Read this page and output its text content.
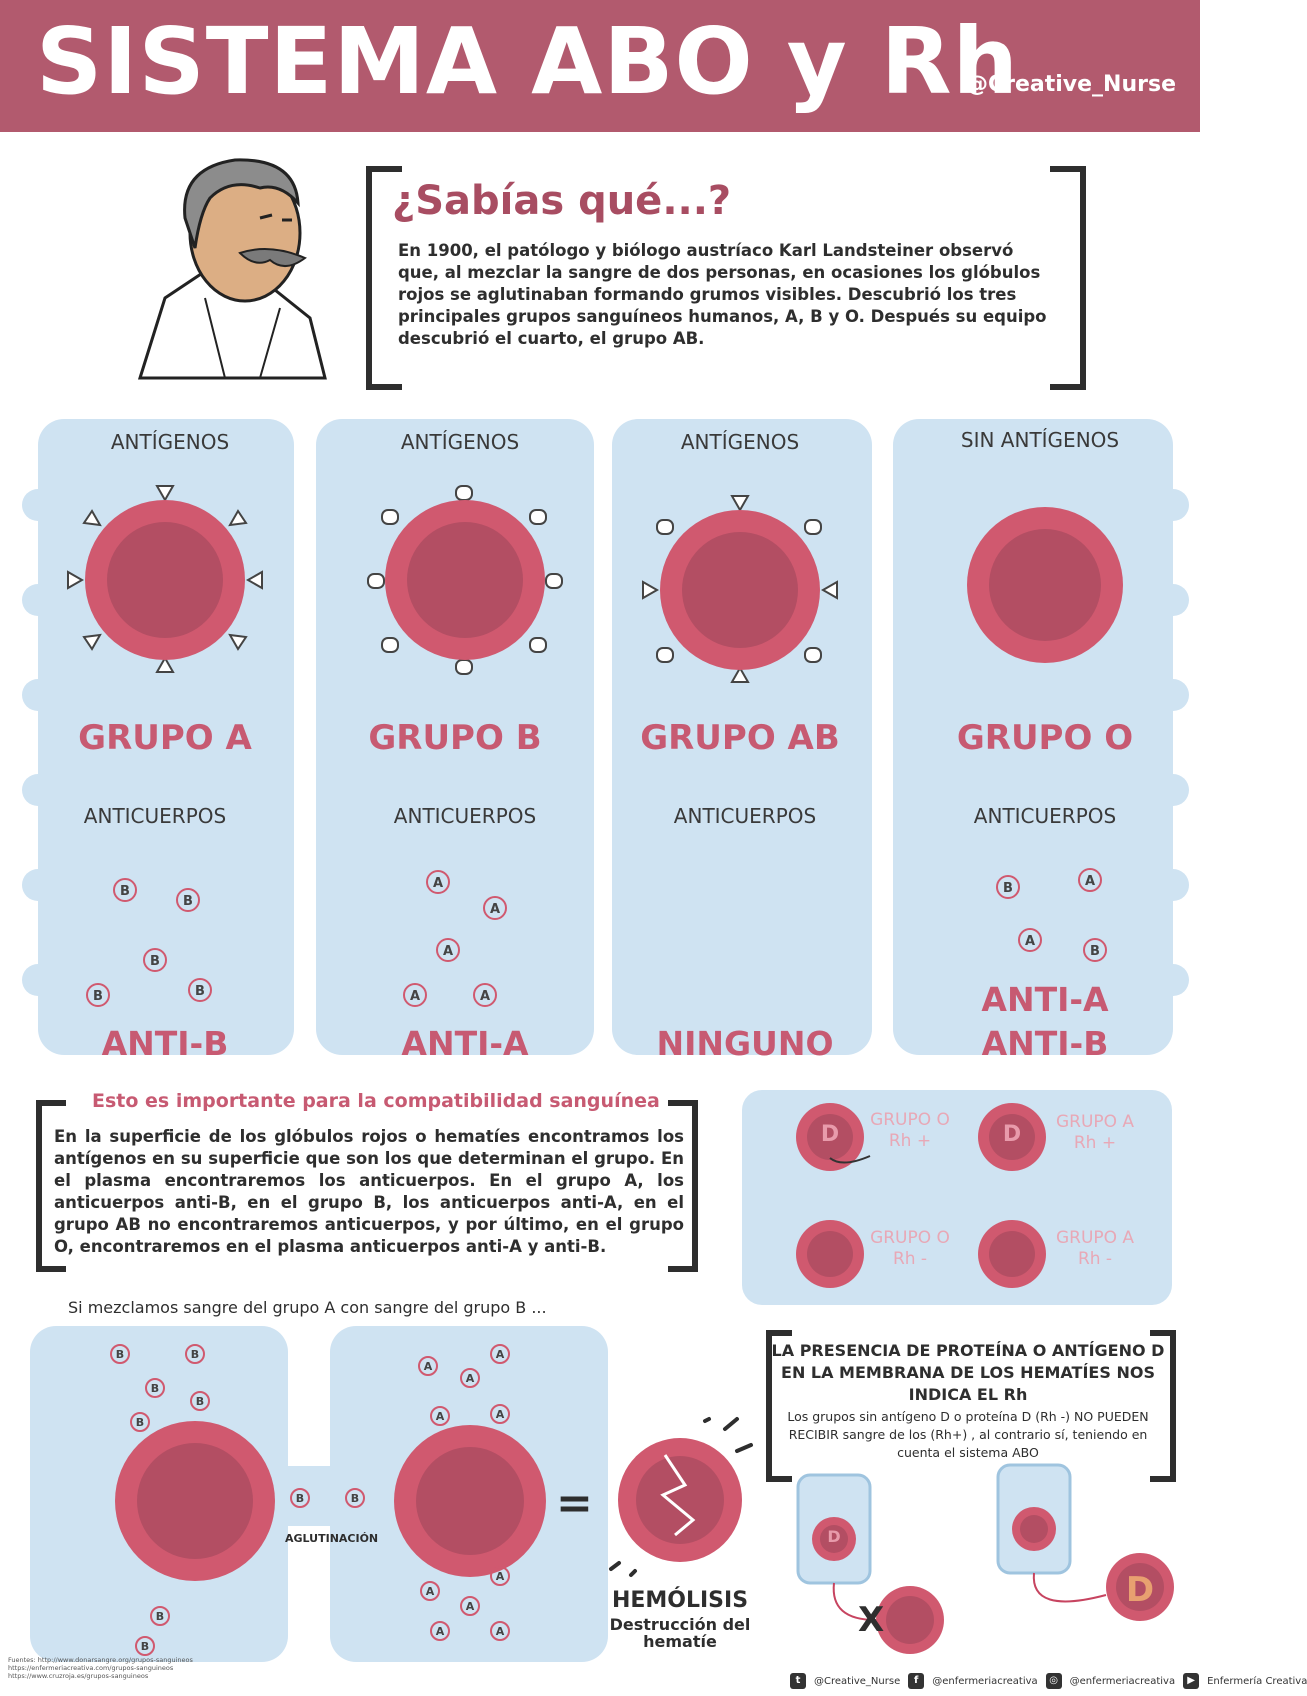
SISTEMA ABO y Rh
@Creative_Nurse
¿Sabías qué...?
En 1900, el patólogo y biólogo austríaco Karl Landsteiner observó que, al mezclar la sangre de dos personas, en ocasiones los glóbulos rojos se aglutinaban formando grumos visibles. Descubrió los tres principales grupos sanguíneos humanos, A, B y O. Después su equipo descubrió el cuarto, el grupo AB.
ANTÍGENOS	ANTÍGENOS	ANTÍGENOS	SIN ANTÍGENOS
GRUPO A	GRUPO B	GRUPO AB	GRUPO O
ANTICUERPOS	ANTICUERPOS	ANTICUERPOS	ANTICUERPOS
B
B
B
B	B
A
A
A
A	A
B	A
A
B
ANTI-B	ANTI-A	NINGUNO
ANTI-A
ANTI-B
Esto es importante para la compatibilidad sanguínea
En la superficie de los glóbulos rojos o hematíes encontramos los antígenos en su superficie que son los que determinan el grupo. En el plasma encontraremos los anticuerpos. En el grupo A, los anticuerpos anti-B, en el grupo B, los anticuerpos anti-A, en el grupo AB no encontraremos anticuerpos, y por último, en el grupo O, encontraremos en el plasma anticuerpos anti-A y anti-B.
D	D
GRUPO O
Rh +
GRUPO A
Rh +
GRUPO O
Rh -
GRUPO A
Rh -
Si mezclamos sangre del grupo A con sangre del grupo B ...
B	B
B
B
B
B	B
B
B
A
A
A
A	A
A
A
A
A	A
AGLUTINACIÓN
=
HEMÓLISIS
Destrucción del hematíe
LA PRESENCIA DE PROTEÍNA O ANTÍGENO D EN LA MEMBRANA DE LOS HEMATÍES NOS INDICA EL Rh
Los grupos sin antígeno D o proteína D (Rh -) NO PUEDEN RECIBIR sangre de los (Rh+) , al contrario sí, teniendo en cuenta el sistema ABO
D
D
X
Fuentes: http://www.donarsangre.org/grupos-sanguineos https://enfermeriacreativa.com/grupos-sanguineos https://www.cruzroja.es/grupos-sanguineos	t	@Creative_Nurse	f	@enfermeriacreativa	◎	@enfermeriacreativa	▶	Enfermería Creativa
